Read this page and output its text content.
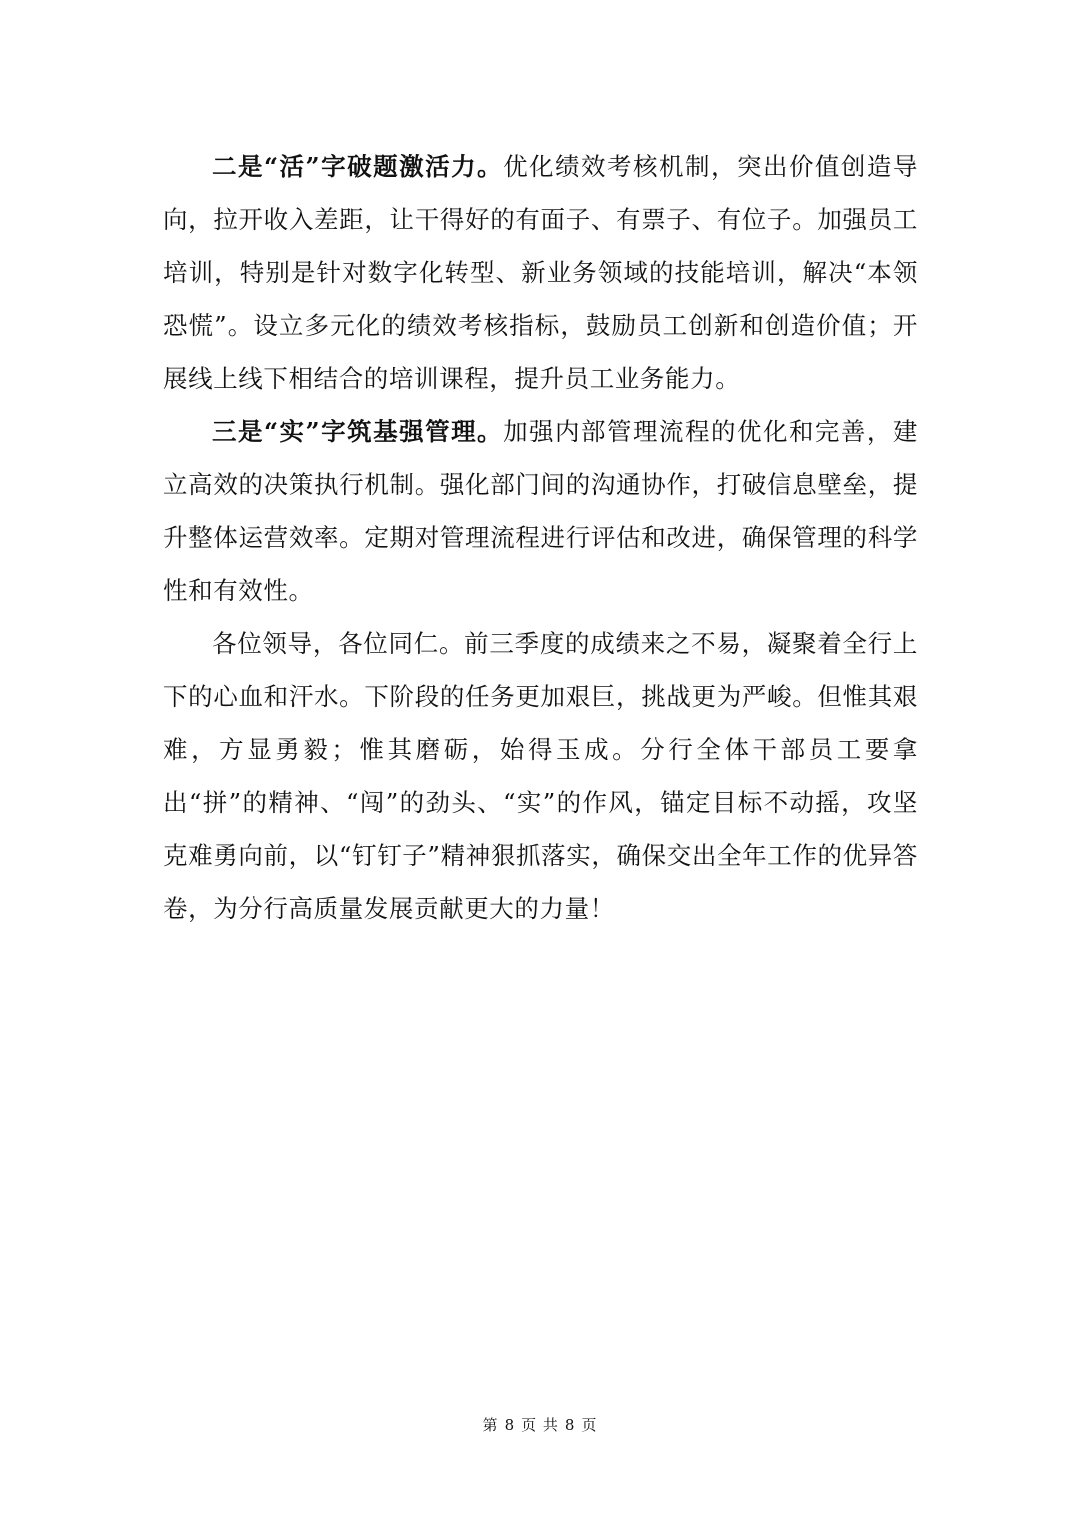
二是“活”字破题激活力。优化绩效考核机制，突出价值创造导向，拉开收入差距，让干得好的有面子、有票子、有位子。加强员工培训，特别是针对数字化转型、新业务领域的技能培训，解决“本领恐慌”。设立多元化的绩效考核指标，鼓励员工创新和创造价值；开展线上线下相结合的培训课程，提升员工业务能力。

三是“实”字筑基强管理。加强内部管理流程的优化和完善，建立高效的决策执行机制。强化部门间的沟通协作，打破信息壁垒，提升整体运营效率。定期对管理流程进行评估和改进，确保管理的科学性和有效性。

各位领导，各位同仁。前三季度的成绩来之不易，凝聚着全行上下的心血和汗水。下阶段的任务更加艰巨，挑战更为严峻。但惟其艰难，方显勇毅；惟其磨砺，始得玉成。分行全体干部员工要拿出“拼”的精神、“闯”的劲头、“实”的作风，锚定目标不动摇，攻坚克难勇向前，以“钉钉子”精神狠抓落实，确保交出全年工作的优异答卷，为分行高质量发展贡献更大的力量！

第 8 页 共 8 页
